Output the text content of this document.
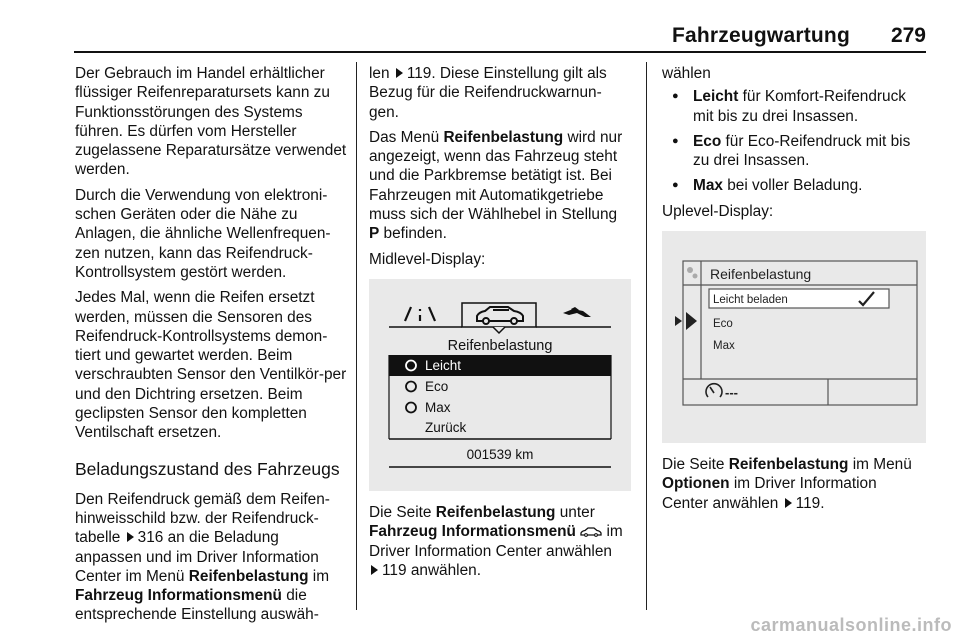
Fahrzeugwartung 279

Der Gebrauch im Handel erhältlicher flüssiger Reifenreparatursets kann zu Funktionsstörungen des Systems führen. Es dürfen vom Hersteller zugelassene Reparatursätze verwendet werden.

Durch die Verwendung von elektroni-schen Geräten oder die Nähe zu Anlagen, die ähnliche Wellenfrequen-zen nutzen, kann das Reifendruck-Kontrollsystem gestört werden.

Jedes Mal, wenn die Reifen ersetzt werden, müssen die Sensoren des Reifendruck-Kontrollsystems demon-tiert und gewartet werden. Beim verschraubten Sensor den Ventilkör-per und den Dichtring ersetzen. Beim geclipsten Sensor den kompletten Ventilschaft ersetzen.

Beladungszustand des Fahrzeugs

Den Reifendruck gemäß dem Reifen-hinweisschild bzw. der Reifendruck-tabelle 316 an die Beladung anpassen und im Driver Information Center im Menü Reifenbelastung im Fahrzeug Informationsmenü die entsprechende Einstellung auswäh-

len 119. Diese Einstellung gilt als Bezug für die Reifendruckwarnun-gen.

Das Menü Reifenbelastung wird nur angezeigt, wenn das Fahrzeug steht und die Parkbremse betätigt ist. Bei Fahrzeugen mit Automatikgetriebe muss sich der Wählhebel in Stellung P befinden.

Midlevel-Display:

Reifenbelastung
Leicht
Eco
Max
Zurück
001539 km

Die Seite Reifenbelastung unter Fahrzeug Informationsmenü im Driver Information Center anwählen
119 anwählen.

wählen

● Leicht für Komfort-Reifendruck mit bis zu drei Insassen.
● Eco für Eco-Reifendruck mit bis zu drei Insassen.
● Max bei voller Beladung.

Uplevel-Display:

Reifenbelastung
Leicht beladen
Eco
Max
---

Die Seite Reifenbelastung im Menü Optionen im Driver Information Center anwählen 119.

carmanualsonline.info
